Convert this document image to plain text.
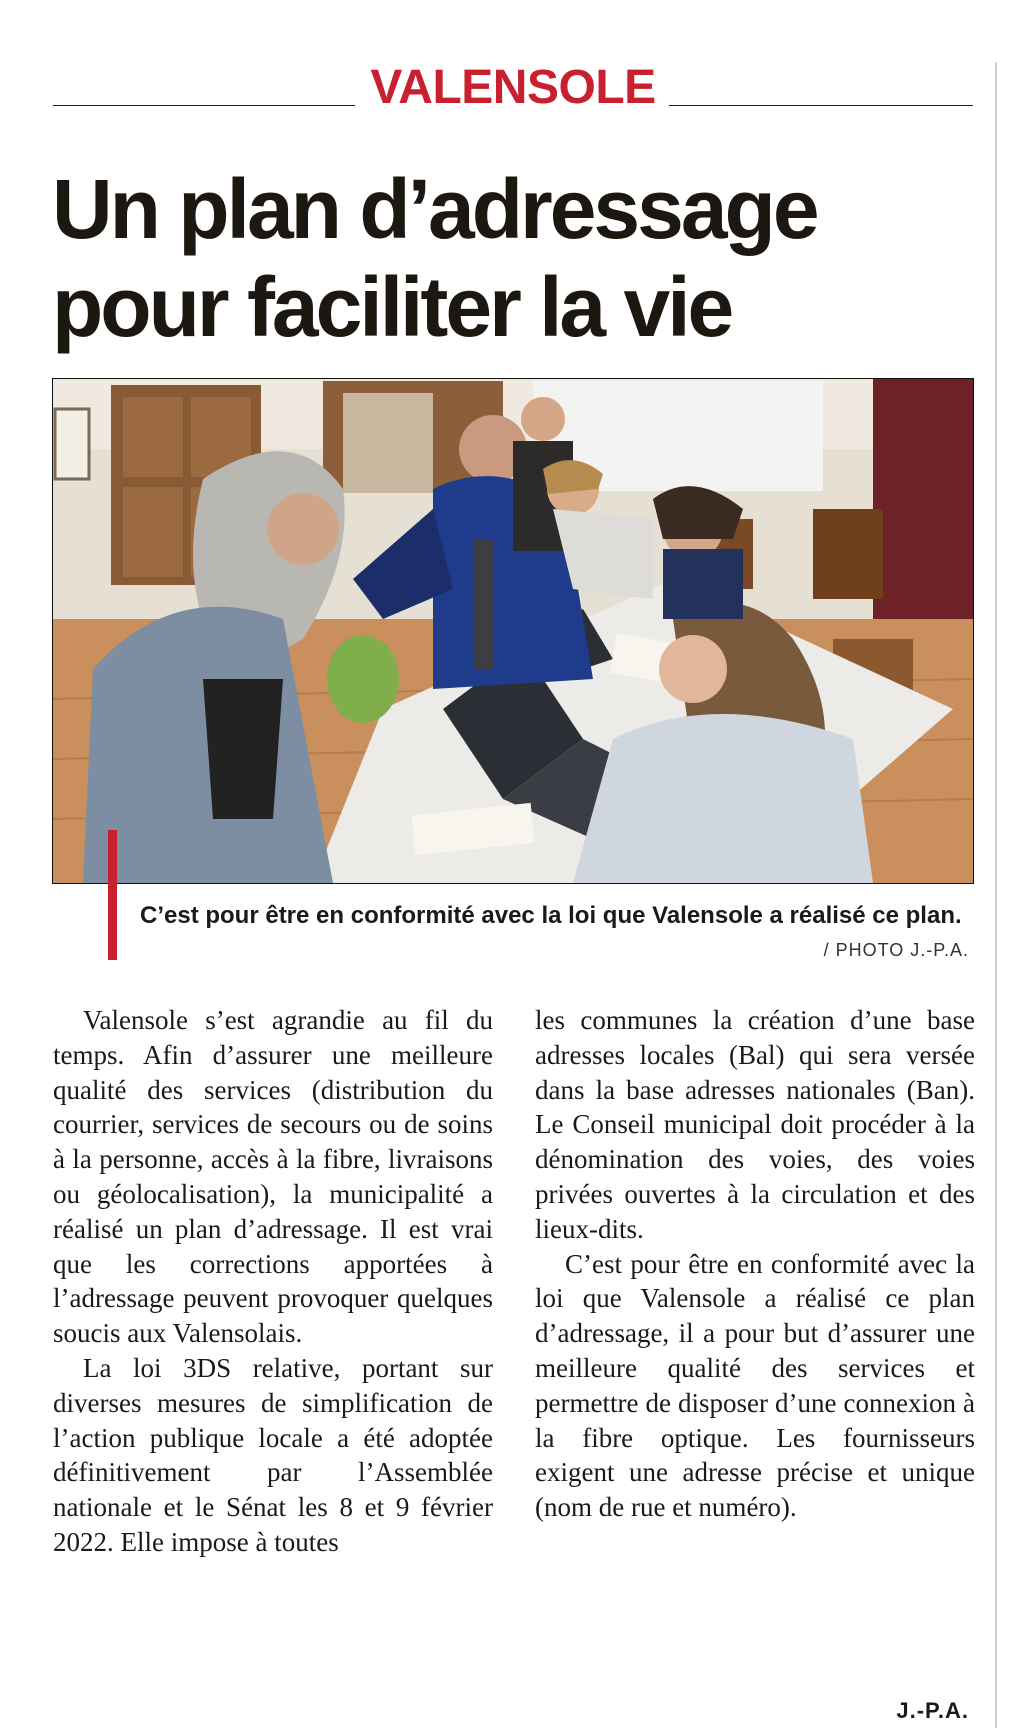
VALENSOLE
Un plan d’adressage
pour faciliter la vie
C’est pour être en conformité avec la loi que Valensole a réalisé ce plan.
/ PHOTO J.-P.A.

Valensole s’est agrandie au fil du temps. Afin d’assurer une meilleure qualité des services (distribution du courrier, services de secours ou de soins à la personne, accès à la fibre, livraisons ou géolocalisation), la municipalité a réalisé un plan d’adressage. Il est vrai que les corrections apportées à l’adressage peuvent provoquer quelques soucis aux Valensolais.

La loi 3DS relative, portant sur diverses mesures de simplification de l’action publique locale a été adoptée définitivement par l’Assemblée nationale et le Sénat les 8 et 9 février 2022. Elle impose à toutes

les communes la création d’une base adresses locales (Bal) qui sera versée dans la base adresses nationales (Ban). Le Conseil municipal doit procéder à la dénomination des voies, des voies privées ouvertes à la circulation et des lieux-dits.

C’est pour être en conformité avec la loi que Valensole a réalisé ce plan d’adressage, il a pour but d’assurer une meilleure qualité des services et permettre de disposer d’une connexion à la fibre optique. Les fournisseurs exigent une adresse précise et unique (nom de rue et numéro).

J.-P.A.
